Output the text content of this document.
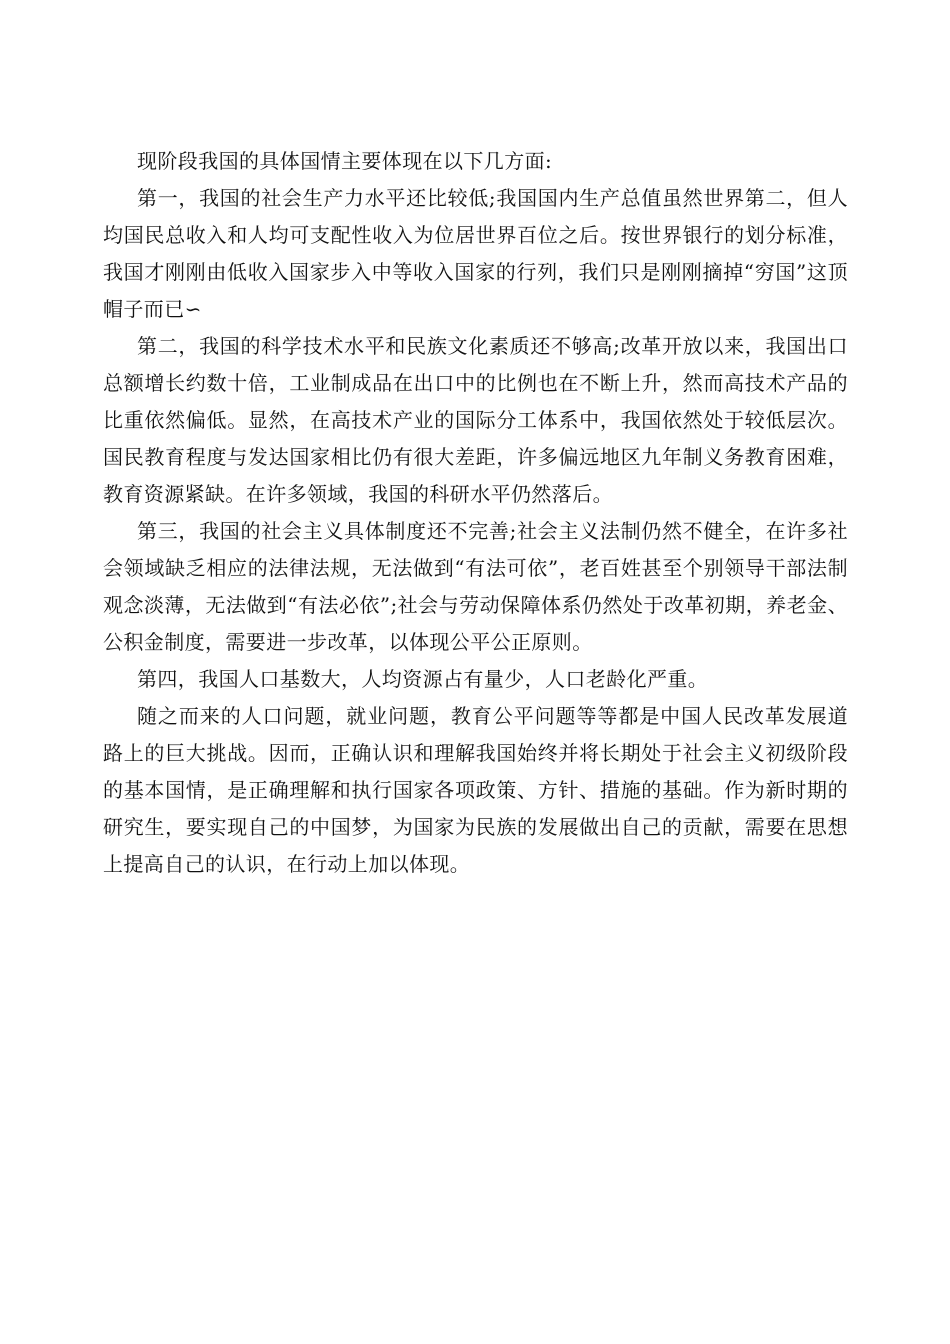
现阶段我国的具体国情主要体现在以下几方面:

第一，我国的社会生产力水平还比较低;我国国内生产总值虽然世界第二，但人均国民总收入和人均可支配性收入为位居世界百位之后。按世界银行的划分标准，我国才刚刚由低收入国家步入中等收入国家的行列，我们只是刚刚摘掉“穷国”这顶帽子而已∽

第二，我国的科学技术水平和民族文化素质还不够高;改革开放以来，我国出口总额增长约数十倍，工业制成品在出口中的比例也在不断上升，然而高技术产品的比重依然偏低。显然，在高技术产业的国际分工体系中，我国依然处于较低层次。国民教育程度与发达国家相比仍有很大差距，许多偏远地区九年制义务教育困难，教育资源紧缺。在许多领域，我国的科研水平仍然落后。

第三，我国的社会主义具体制度还不完善;社会主义法制仍然不健全，在许多社会领域缺乏相应的法律法规，无法做到“有法可依”，老百姓甚至个别领导干部法制观念淡薄，无法做到“有法必依”;社会与劳动保障体系仍然处于改革初期，养老金、公积金制度，需要进一步改革，以体现公平公正原则。

第四，我国人口基数大，人均资源占有量少，人口老龄化严重。

随之而来的人口问题，就业问题，教育公平问题等等都是中国人民改革发展道路上的巨大挑战。因而，正确认识和理解我国始终并将长期处于社会主义初级阶段的基本国情，是正确理解和执行国家各项政策、方针、措施的基础。作为新时期的研究生，要实现自己的中国梦，为国家为民族的发展做出自己的贡献，需要在思想上提高自己的认识，在行动上加以体现。
